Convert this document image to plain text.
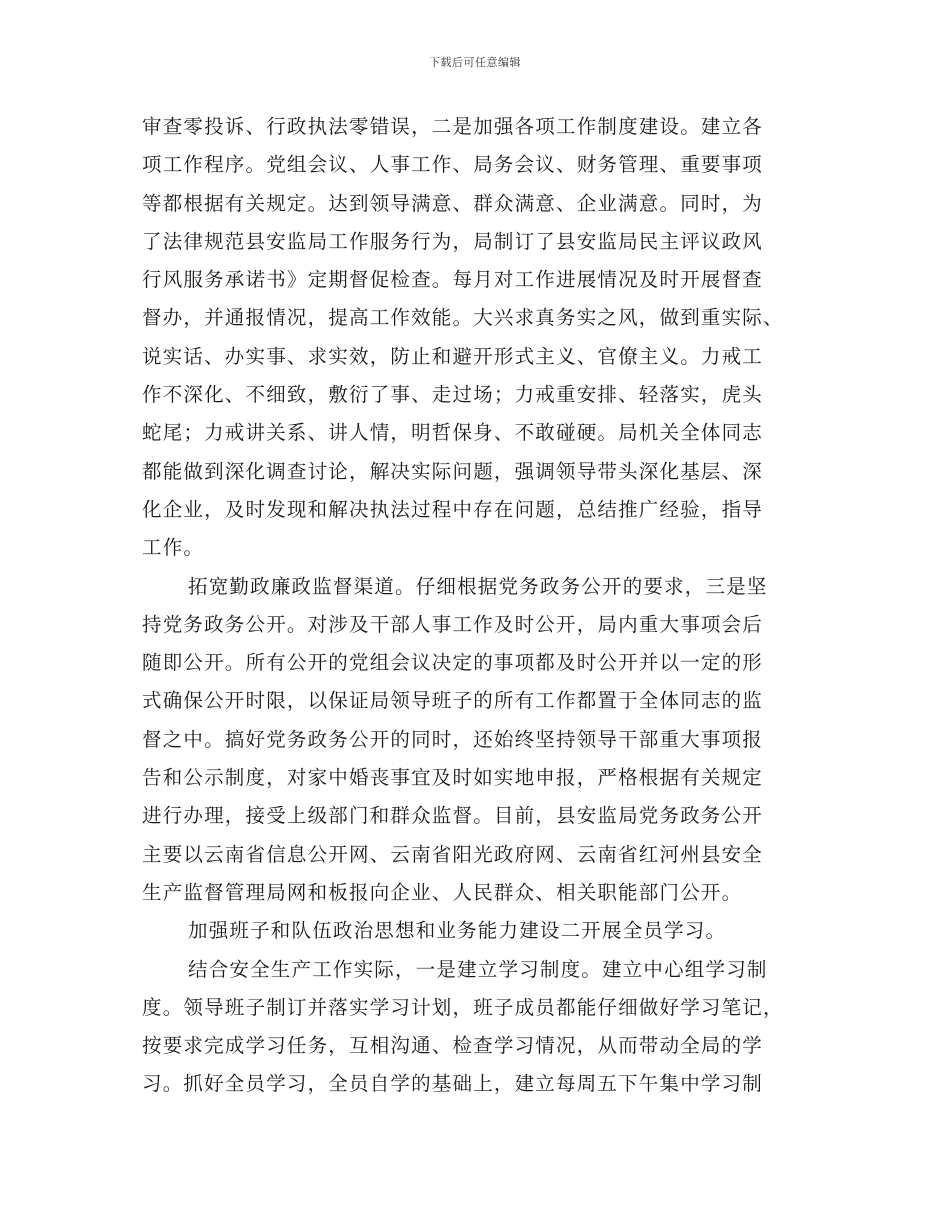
下载后可任意编辑
审查零投诉、行政执法零错误，二是加强各项工作制度建设。建立各
项工作程序。党组会议、人事工作、局务会议、财务管理、重要事项
等都根据有关规定。达到领导满意、群众满意、企业满意。同时，为
了法律规范县安监局工作服务行为，局制订了县安监局民主评议政风
行风服务承诺书》定期督促检查。每月对工作进展情况及时开展督查
督办，并通报情况，提高工作效能。大兴求真务实之风，做到重实际、
说实话、办实事、求实效，防止和避开形式主义、官僚主义。力戒工
作不深化、不细致，敷衍了事、走过场；力戒重安排、轻落实，虎头
蛇尾；力戒讲关系、讲人情，明哲保身、不敢碰硬。局机关全体同志
都能做到深化调查讨论，解决实际问题，强调领导带头深化基层、深
化企业，及时发现和解决执法过程中存在问题，总结推广经验，指导
工作。
拓宽勤政廉政监督渠道。仔细根据党务政务公开的要求，三是坚
持党务政务公开。对涉及干部人事工作及时公开，局内重大事项会后
随即公开。所有公开的党组会议决定的事项都及时公开并以一定的形
式确保公开时限，以保证局领导班子的所有工作都置于全体同志的监
督之中。搞好党务政务公开的同时，还始终坚持领导干部重大事项报
告和公示制度，对家中婚丧事宜及时如实地申报，严格根据有关规定
进行办理，接受上级部门和群众监督。目前，县安监局党务政务公开
主要以云南省信息公开网、云南省阳光政府网、云南省红河州县安全
生产监督管理局网和板报向企业、人民群众、相关职能部门公开。
加强班子和队伍政治思想和业务能力建设二开展全员学习。
结合安全生产工作实际，一是建立学习制度。建立中心组学习制
度。领导班子制订并落实学习计划，班子成员都能仔细做好学习笔记，
按要求完成学习任务，互相沟通、检查学习情况，从而带动全局的学
习。抓好全员学习，全员自学的基础上，建立每周五下午集中学习制
